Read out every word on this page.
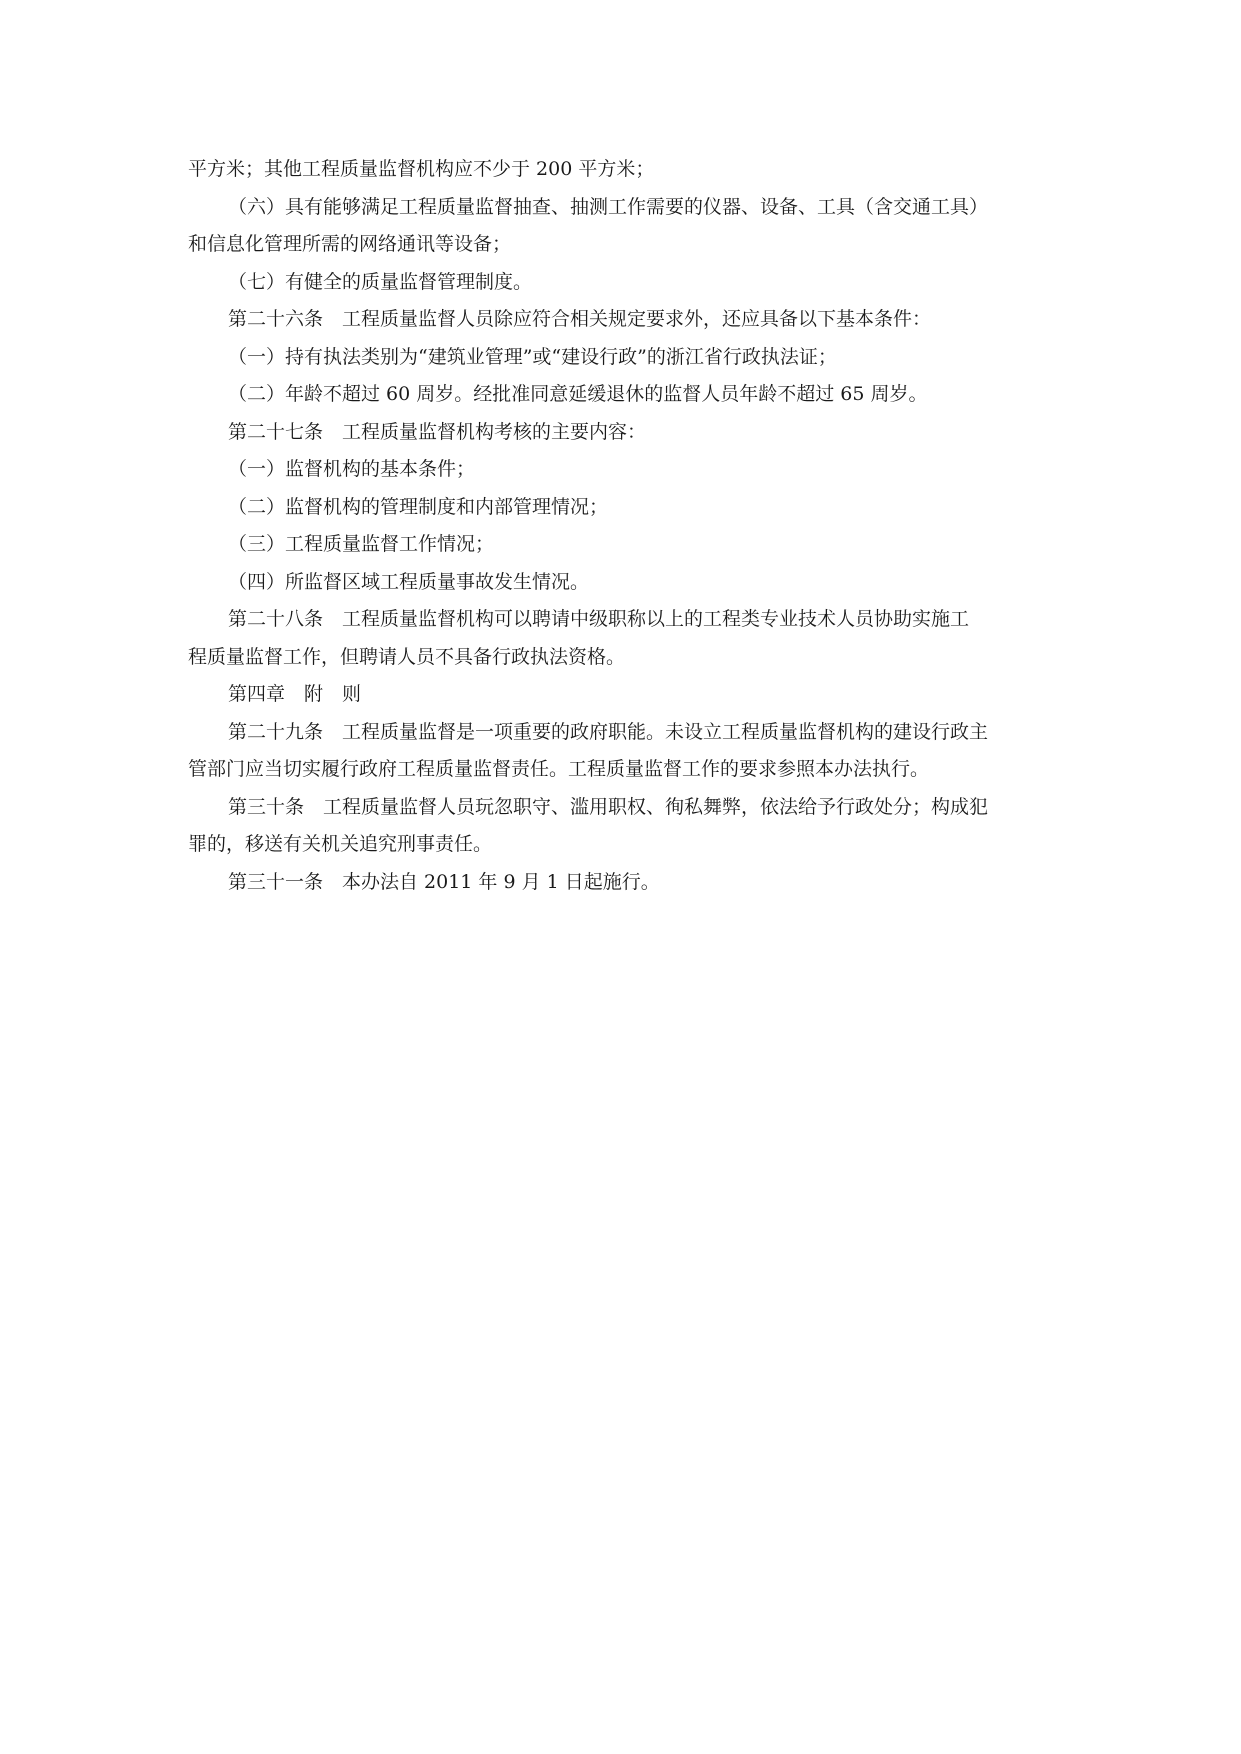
平方米；其他工程质量监督机构应不少于 200 平方米；

（六）具有能够满足工程质量监督抽查、抽测工作需要的仪器、设备、工具（含交通工具）

和信息化管理所需的网络通讯等设备；

（七）有健全的质量监督管理制度。

第二十六条　工程质量监督人员除应符合相关规定要求外，还应具备以下基本条件：

（一）持有执法类别为“建筑业管理”或“建设行政”的浙江省行政执法证；

（二）年龄不超过 60 周岁。经批准同意延缓退休的监督人员年龄不超过 65 周岁。

第二十七条　工程质量监督机构考核的主要内容：

（一）监督机构的基本条件；

（二）监督机构的管理制度和内部管理情况；

（三）工程质量监督工作情况；

（四）所监督区域工程质量事故发生情况。

第二十八条　工程质量监督机构可以聘请中级职称以上的工程类专业技术人员协助实施工

程质量监督工作，但聘请人员不具备行政执法资格。

第四章　附　则

第二十九条　工程质量监督是一项重要的政府职能。未设立工程质量监督机构的建设行政主

管部门应当切实履行政府工程质量监督责任。工程质量监督工作的要求参照本办法执行。

第三十条　工程质量监督人员玩忽职守、滥用职权、徇私舞弊，依法给予行政处分；构成犯

罪的，移送有关机关追究刑事责任。

第三十一条　本办法自 2011 年 9 月 1 日起施行。
